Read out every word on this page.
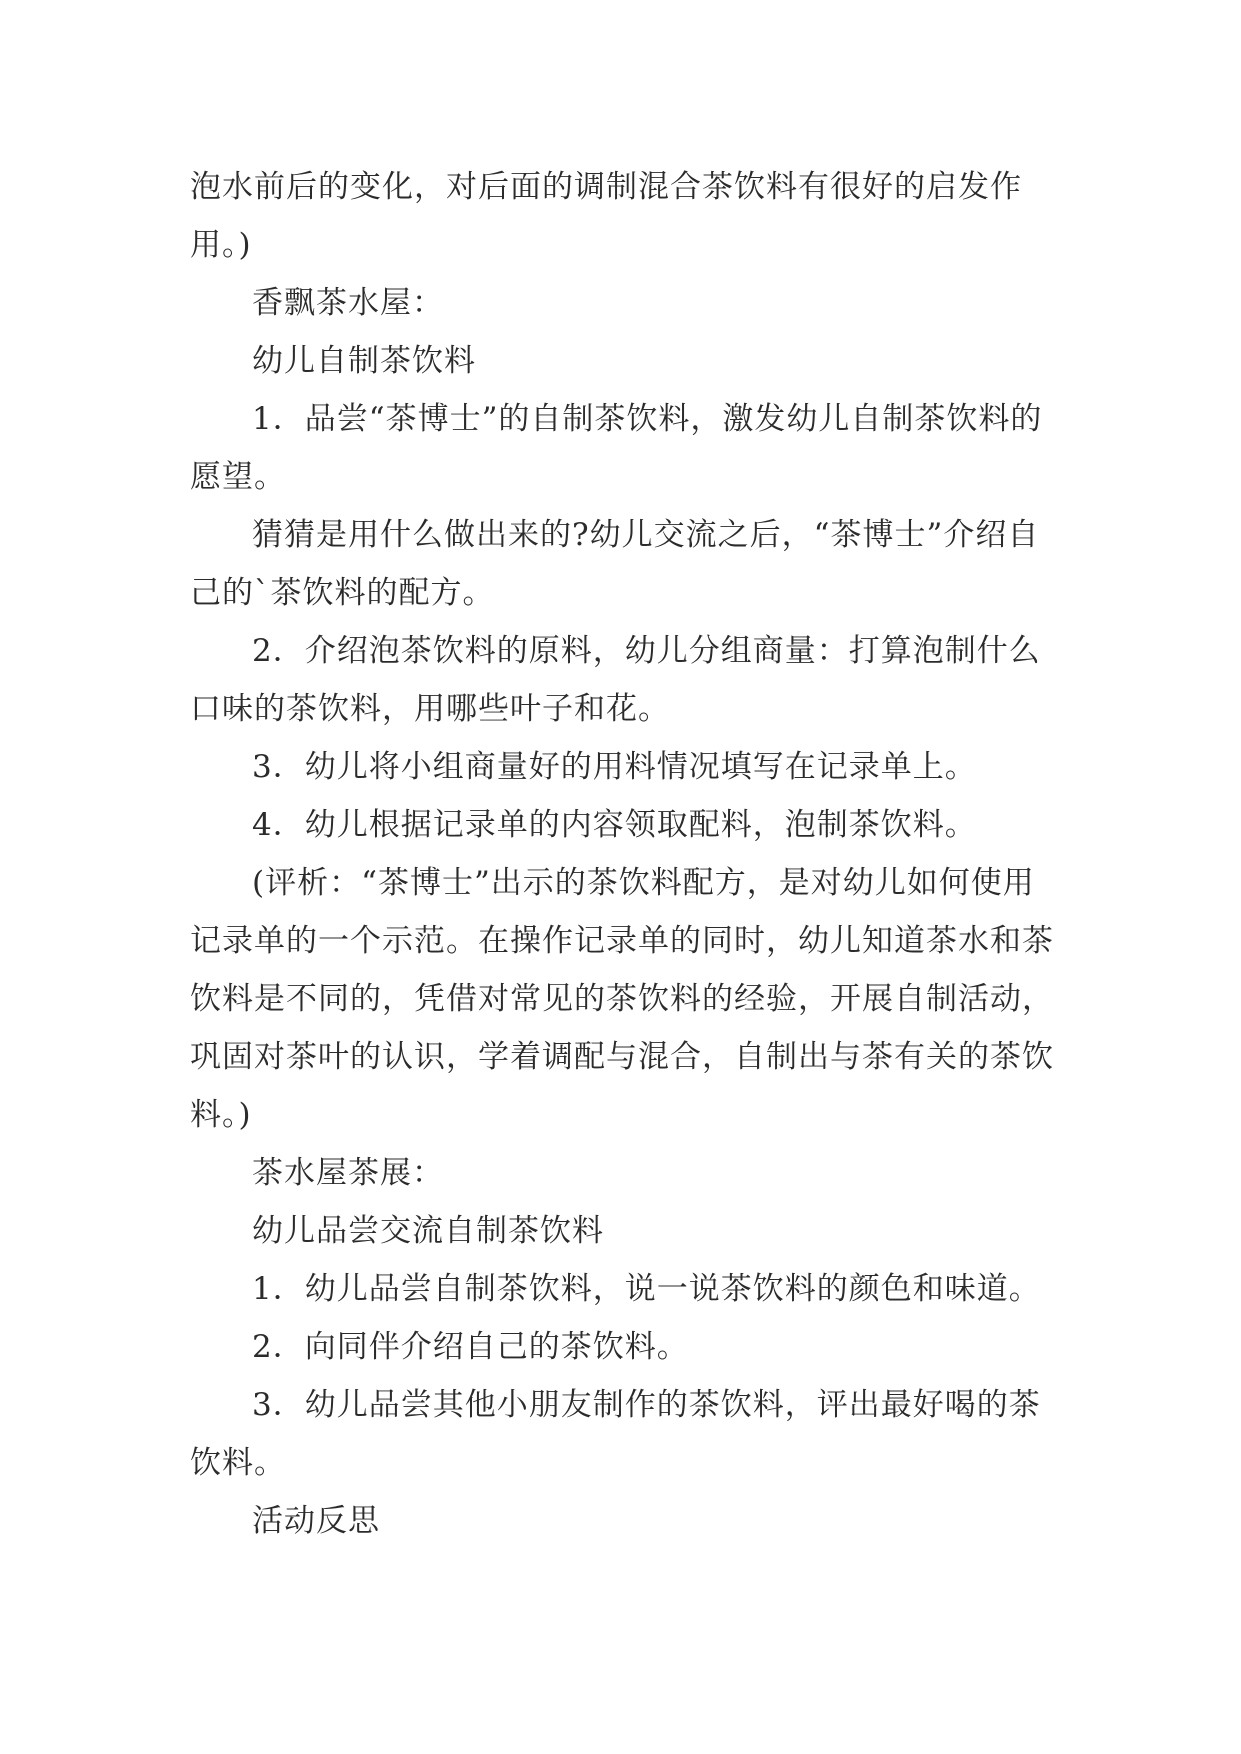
泡水前后的变化，对后面的调制混合茶饮料有很好的启发作用。)

香飘茶水屋：

幼儿自制茶饮料

1．品尝“茶博士”的自制茶饮料，激发幼儿自制茶饮料的愿望。

猜猜是用什么做出来的?幼儿交流之后，“茶博士”介绍自己的`茶饮料的配方。

2．介绍泡茶饮料的原料，幼儿分组商量：打算泡制什么口味的茶饮料，用哪些叶子和花。

3．幼儿将小组商量好的用料情况填写在记录单上。

4．幼儿根据记录单的内容领取配料，泡制茶饮料。

(评析：“茶博士”出示的茶饮料配方，是对幼儿如何使用记录单的一个示范。在操作记录单的同时，幼儿知道茶水和茶饮料是不同的，凭借对常见的茶饮料的经验，开展自制活动，巩固对茶叶的认识，学着调配与混合，自制出与茶有关的茶饮料。)

茶水屋茶展：

幼儿品尝交流自制茶饮料

1．幼儿品尝自制茶饮料，说一说茶饮料的颜色和味道。

2．向同伴介绍自己的茶饮料。

3．幼儿品尝其他小朋友制作的茶饮料，评出最好喝的茶饮料。

活动反思
